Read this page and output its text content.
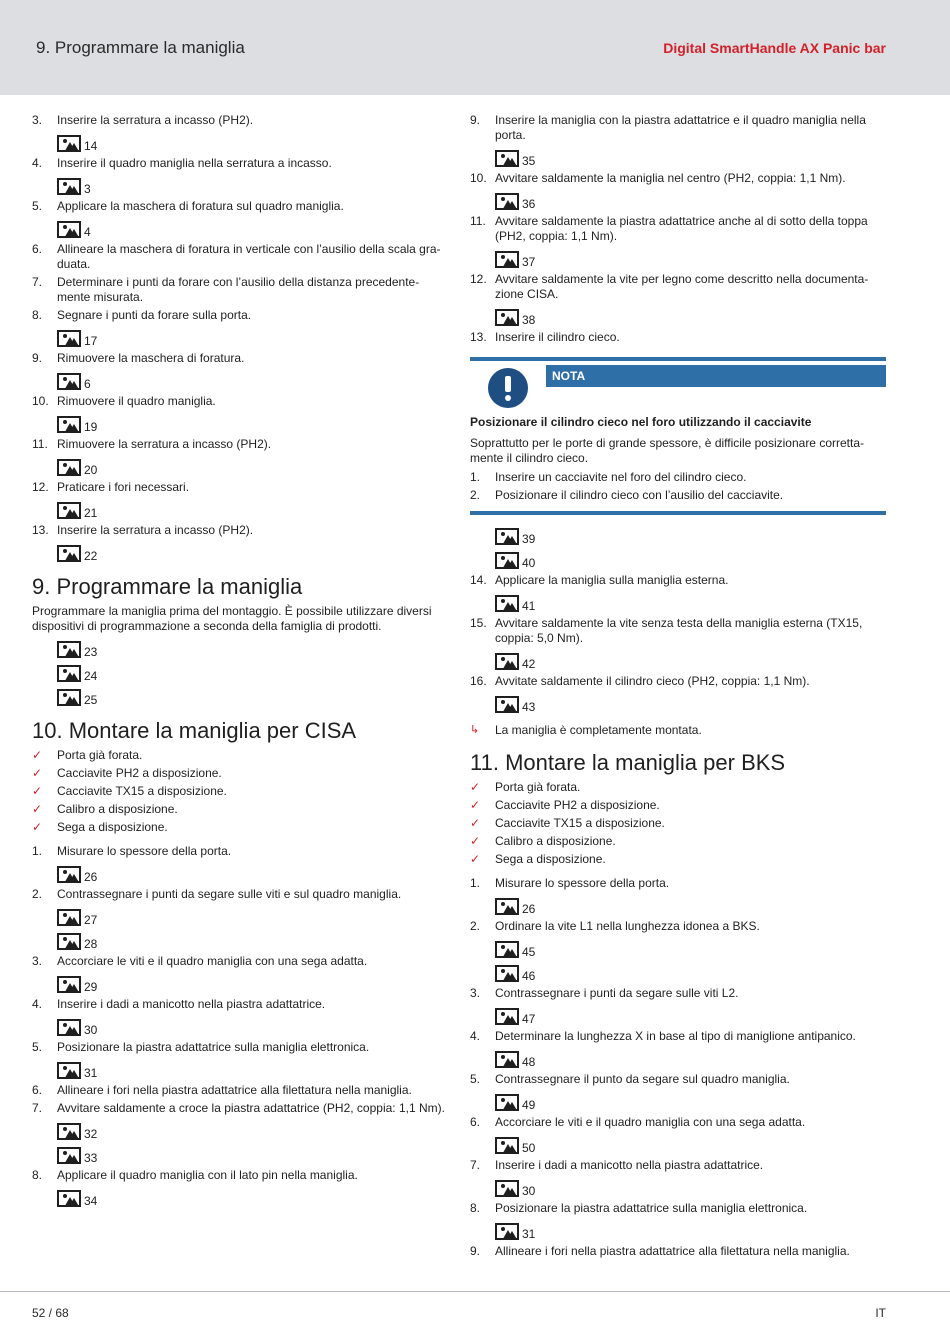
9. Programmare la maniglia	Digital SmartHandle AX Panic bar
3.	Inserire la serratura a incasso (PH2).
14
4.	Inserire il quadro maniglia nella serratura a incasso.
3
5.	Applicare la maschera di foratura sul quadro maniglia.
4
6.	Allineare la maschera di foratura in verticale con l’ausilio della scala gra-duata.
7.	Determinare i punti da forare con l’ausilio della distanza precedente-mente misurata.
8.	Segnare i punti da forare sulla porta.
17
9.	Rimuovere la maschera di foratura.
6
10. Rimuovere il quadro maniglia.
19
11. Rimuovere la serratura a incasso (PH2).
20
12. Praticare i fori necessari.
21
13. Inserire la serratura a incasso (PH2).
22
9. Programmare la maniglia
Programmare la maniglia prima del montaggio. È possibile utilizzare diversi dispositivi di programmazione a seconda della famiglia di prodotti.
23
24
25
10. Montare la maniglia per CISA
✓	Porta già forata.
✓	Cacciavite PH2 a disposizione.
✓	Cacciavite TX15 a disposizione.
✓	Calibro a disposizione.
✓	Sega a disposizione.
1.	Misurare lo spessore della porta.
26
2.	Contrassegnare i punti da segare sulle viti e sul quadro maniglia.
27
28
3.	Accorciare le viti e il quadro maniglia con una sega adatta.
29
4.	Inserire i dadi a manicotto nella piastra adattatrice.
30
5.	Posizionare la piastra adattatrice sulla maniglia elettronica.
31
6.	Allineare i fori nella piastra adattatrice alla filettatura nella maniglia.
7.	Avvitare saldamente a croce la piastra adattatrice (PH2, coppia: 1,1 Nm).
32
33
8.	Applicare il quadro maniglia con il lato pin nella maniglia.
34
9.	Inserire la maniglia con la piastra adattatrice e il quadro maniglia nella porta.
35
10. Avvitare saldamente la maniglia nel centro (PH2, coppia: 1,1 Nm).
36
11. Avvitare saldamente la piastra adattatrice anche al di sotto della toppa (PH2, coppia: 1,1 Nm).
37
12. Avvitare saldamente la vite per legno come descritto nella documenta-zione CISA.
38
13. Inserire il cilindro cieco.
NOTA
Posizionare il cilindro cieco nel foro utilizzando il cacciavite
Soprattutto per le porte di grande spessore, è difficile posizionare corretta-mente il cilindro cieco.
1.	Inserire un cacciavite nel foro del cilindro cieco.
2.	Posizionare il cilindro cieco con l’ausilio del cacciavite.
39
40
14. Applicare la maniglia sulla maniglia esterna.
41
15. Avvitare saldamente la vite senza testa della maniglia esterna (TX15, coppia: 5,0 Nm).
42
16. Avvitate saldamente il cilindro cieco (PH2, coppia: 1,1 Nm).
43
↳	La maniglia è completamente montata.
11. Montare la maniglia per BKS
✓	Porta già forata.
✓	Cacciavite PH2 a disposizione.
✓	Cacciavite TX15 a disposizione.
✓	Calibro a disposizione.
✓	Sega a disposizione.
1.	Misurare lo spessore della porta.
26
2.	Ordinare la vite L1 nella lunghezza idonea a BKS.
45
46
3.	Contrassegnare i punti da segare sulle viti L2.
47
4.	Determinare la lunghezza X in base al tipo di maniglione antipanico.
48
5.	Contrassegnare il punto da segare sul quadro maniglia.
49
6.	Accorciare le viti e il quadro maniglia con una sega adatta.
50
7.	Inserire i dadi a manicotto nella piastra adattatrice.
30
8.	Posizionare la piastra adattatrice sulla maniglia elettronica.
31
9.	Allineare i fori nella piastra adattatrice alla filettatura nella maniglia.
52 / 68	IT
